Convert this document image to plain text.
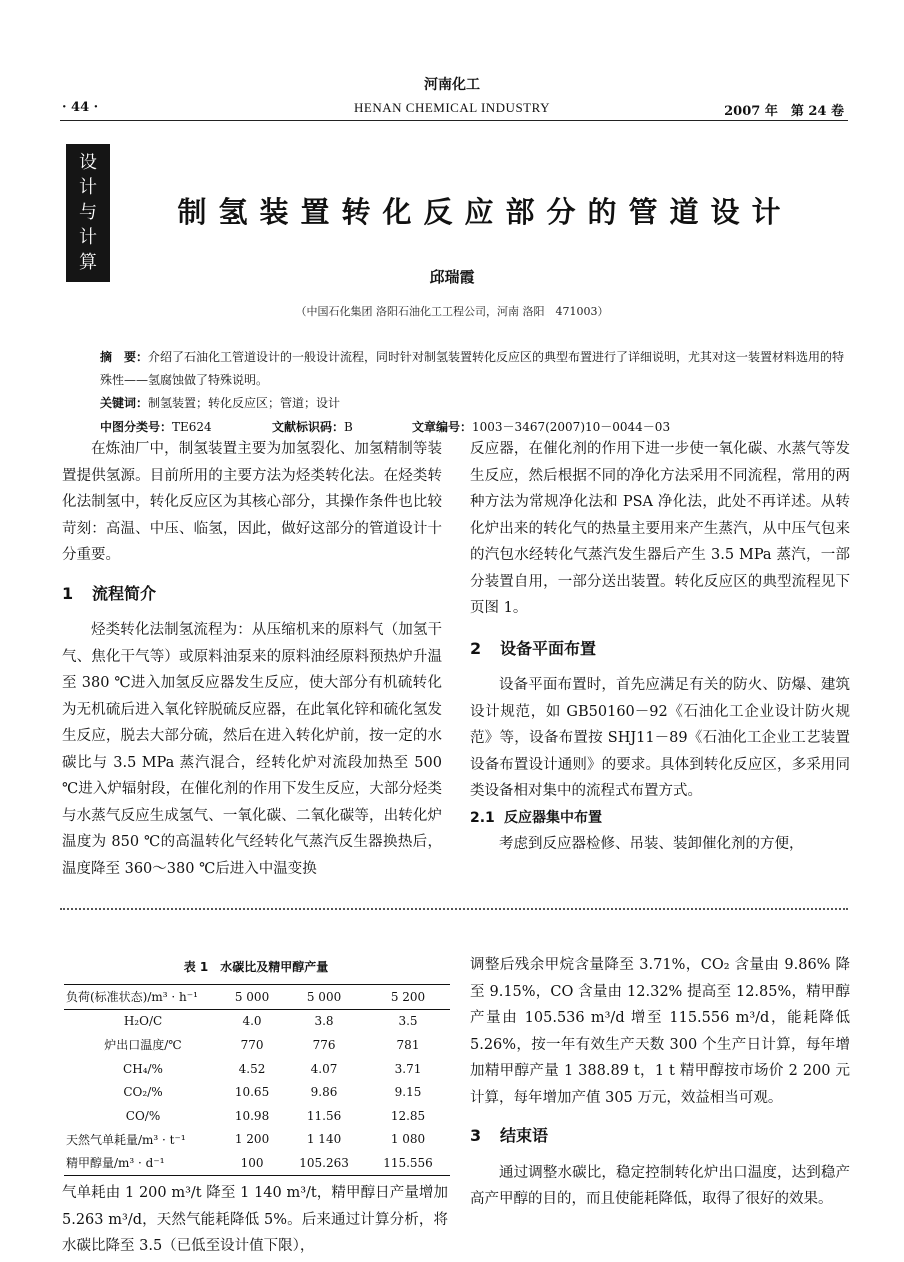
河南化工
· 44 ·	HENAN CHEMICAL INDUSTRY	2007 年　第 24 卷
设
计
与
计
算
制氢装置转化反应部分的管道设计
邱瑞霞
（中国石化集团 洛阳石油化工工程公司，河南 洛阳　471003）
摘　要：介绍了石油化工管道设计的一般设计流程，同时针对制氢装置转化反应区的典型布置进行了详细说明，尤其对这一装置材料选用的特殊性——氢腐蚀做了特殊说明。
关键词：制氢装置；转化反应区；管道；设计
中图分类号：TE624	文献标识码：B	文章编号：1003－3467(2007)10－0044－03

在炼油厂中，制氢装置主要为加氢裂化、加氢精制等装置提供氢源。目前所用的主要方法为烃类转化法。在烃类转化法制氢中，转化反应区为其核心部分，其操作条件也比较苛刻：高温、中压、临氢，因此，做好这部分的管道设计十分重要。

1 流程简介

烃类转化法制氢流程为：从压缩机来的原料气（加氢干气、焦化干气等）或原料油泵来的原料油经原料预热炉升温至 380 ℃进入加氢反应器发生反应，使大部分有机硫转化为无机硫后进入氧化锌脱硫反应器，在此氧化锌和硫化氢发生反应，脱去大部分硫，然后在进入转化炉前，按一定的水碳比与 3.5 MPa 蒸汽混合，经转化炉对流段加热至 500 ℃进入炉辐射段，在催化剂的作用下发生反应，大部分烃类与水蒸气反应生成氢气、一氧化碳、二氧化碳等，出转化炉温度为 850 ℃的高温转化气经转化气蒸汽反生器换热后，温度降至 360～380 ℃后进入中温变换

反应器，在催化剂的作用下进一步使一氧化碳、水蒸气等发生反应，然后根据不同的净化方法采用不同流程，常用的两种方法为常规净化法和 PSA 净化法，此处不再详述。从转化炉出来的转化气的热量主要用来产生蒸汽，从中压气包来的汽包水经转化气蒸汽发生器后产生 3.5 MPa 蒸汽，一部分装置自用，一部分送出装置。转化反应区的典型流程见下页图 1。

2 设备平面布置

设备平面布置时，首先应满足有关的防火、防爆、建筑设计规范，如 GB50160－92《石油化工企业设计防火规范》等，设备布置按 SHJ11－89《石油化工企业工艺装置设备布置设计通则》的要求。具体到转化反应区，多采用同类设备相对集中的流程式布置方式。

2.1 反应器集中布置

考虑到反应器检修、吊装、装卸催化剂的方便，

表 1　水碳比及精甲醇产量
负荷(标准状态)/m³ · h⁻¹	5 000	5 000	5 200
H₂O/C	4.0	3.8	3.5
炉出口温度/℃	770	776	781
CH₄/%	4.52	4.07	3.71
CO₂/%	10.65	9.86	9.15
CO/%	10.98	11.56	12.85
天然气单耗量/m³ · t⁻¹	1 200	1 140	1 080
精甲醇量/m³ · d⁻¹	100	105.263	115.556

气单耗由 1 200 m³/t 降至 1 140 m³/t，精甲醇日产量增加 5.263 m³/d，天然气能耗降低 5%。后来通过计算分析，将水碳比降至 3.5（已低至设计值下限），

调整后残余甲烷含量降至 3.71%，CO₂ 含量由 9.86% 降至 9.15%，CO 含量由 12.32% 提高至 12.85%，精甲醇产量由 105.536 m³/d 增至 115.556 m³/d，能耗降低 5.26%，按一年有效生产天数 300 个生产日计算，每年增加精甲醇产量 1 388.89 t，1 t 精甲醇按市场价 2 200 元计算，每年增加产值 305 万元，效益相当可观。

3 结束语

通过调整水碳比，稳定控制转化炉出口温度，达到稳产高产甲醇的目的，而且使能耗降低，取得了很好的效果。
